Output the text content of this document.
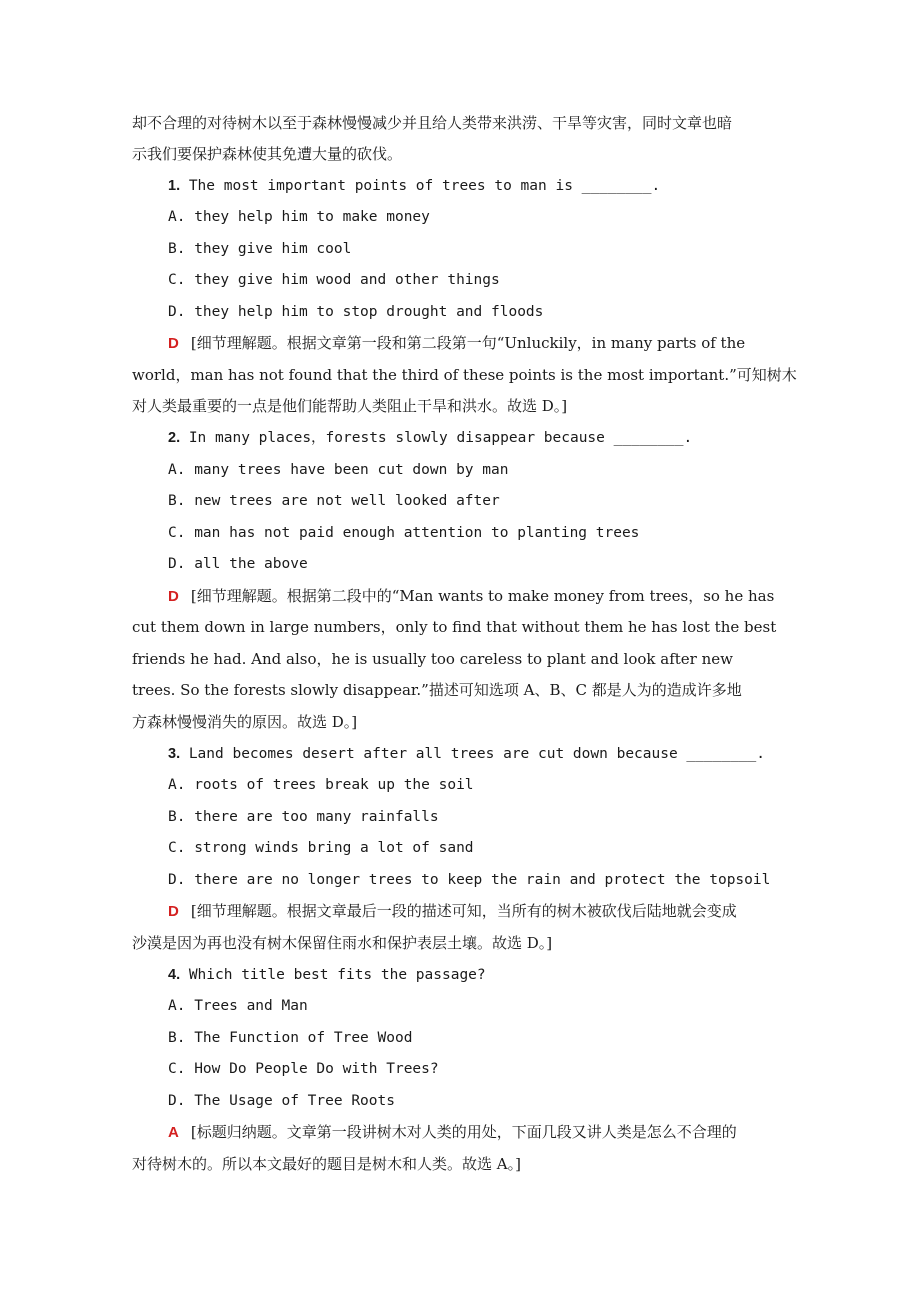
却不合理的对待树木以至于森林慢慢减少并且给人类带来洪涝、干旱等灾害，同时文章也暗
示我们要保护森林使其免遭大量的砍伐。
1. The most important points of trees to man is ________.
A. they help him to make money
B. they give him cool
C. they give him wood and other things
D. they help him to stop drought and floods
D [细节理解题。根据文章第一段和第二段第一句“Unluckily，in many parts of the
world，man has not found that the third of these points is the most important.”可知树木
对人类最重要的一点是他们能帮助人类阻止干旱和洪水。故选 D。]
2. In many places，forests slowly disappear because ________.
A. many trees have been cut down by man
B. new trees are not well looked after
C. man has not paid enough attention to planting trees
D. all the above
D [细节理解题。根据第二段中的“Man wants to make money from trees，so he has
cut them down in large numbers，only to find that without them he has lost the best
friends he had. And also，he is usually too careless to plant and look after new
trees. So the forests slowly disappear.”描述可知选项 A、B、C 都是人为的造成许多地
方森林慢慢消失的原因。故选 D。]
3. Land becomes desert after all trees are cut down because ________.
A. roots of trees break up the soil
B. there are too many rainfalls
C. strong winds bring a lot of sand
D. there are no longer trees to keep the rain and protect the topsoil
D [细节理解题。根据文章最后一段的描述可知，当所有的树木被砍伐后陆地就会变成
沙漠是因为再也没有树木保留住雨水和保护表层土壤。故选 D。]
4. Which title best fits the passage?
A. Trees and Man
B. The Function of Tree Wood
C. How Do People Do with Trees?
D. The Usage of Tree Roots
A [标题归纳题。文章第一段讲树木对人类的用处，下面几段又讲人类是怎么不合理的
对待树木的。所以本文最好的题目是树木和人类。故选 A。]
